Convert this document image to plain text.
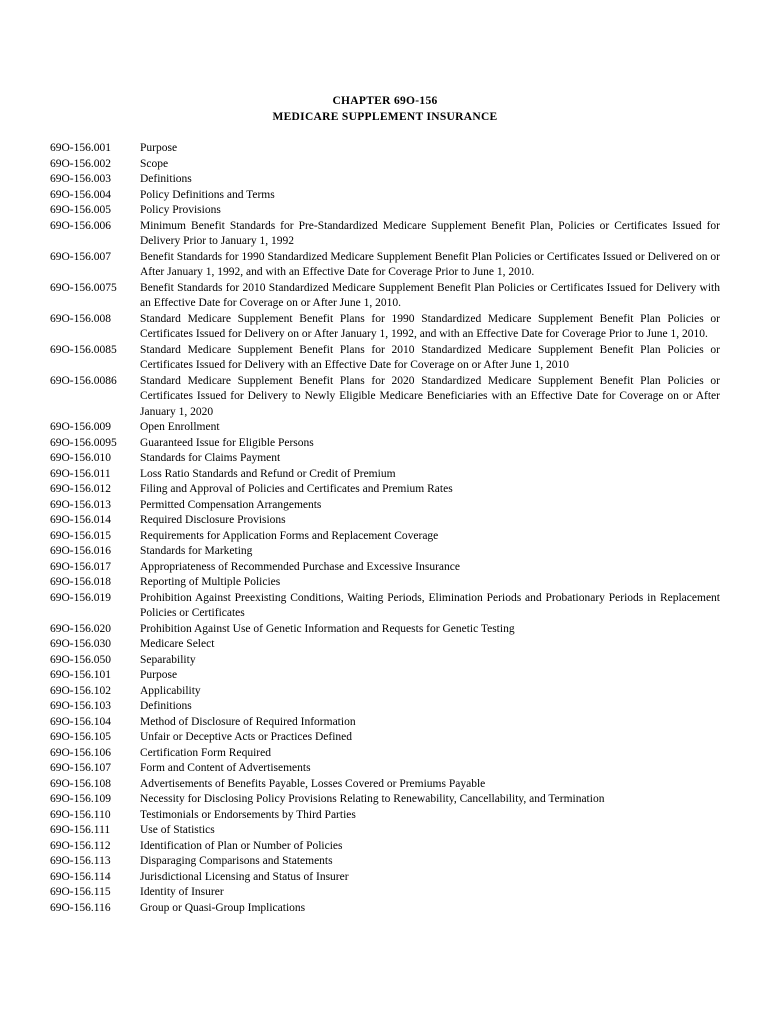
CHAPTER 69O-156
MEDICARE SUPPLEMENT INSURANCE
69O-156.001	Purpose
69O-156.002	Scope
69O-156.003	Definitions
69O-156.004	Policy Definitions and Terms
69O-156.005	Policy Provisions
69O-156.006	Minimum Benefit Standards for Pre-Standardized Medicare Supplement Benefit Plan, Policies or Certificates Issued for Delivery Prior to January 1, 1992
69O-156.007	Benefit Standards for 1990 Standardized Medicare Supplement Benefit Plan Policies or Certificates Issued or Delivered on or After January 1, 1992, and with an Effective Date for Coverage Prior to June 1, 2010.
69O-156.0075	Benefit Standards for 2010 Standardized Medicare Supplement Benefit Plan Policies or Certificates Issued for Delivery with an Effective Date for Coverage on or After June 1, 2010.
69O-156.008	Standard Medicare Supplement Benefit Plans for 1990 Standardized Medicare Supplement Benefit Plan Policies or Certificates Issued for Delivery on or After January 1, 1992, and with an Effective Date for Coverage Prior to June 1, 2010.
69O-156.0085	Standard Medicare Supplement Benefit Plans for 2010 Standardized Medicare Supplement Benefit Plan Policies or Certificates Issued for Delivery with an Effective Date for Coverage on or After June 1, 2010
69O-156.0086	Standard Medicare Supplement Benefit Plans for 2020 Standardized Medicare Supplement Benefit Plan Policies or Certificates Issued for Delivery to Newly Eligible Medicare Beneficiaries with an Effective Date for Coverage on or After January 1, 2020
69O-156.009	Open Enrollment
69O-156.0095	Guaranteed Issue for Eligible Persons
69O-156.010	Standards for Claims Payment
69O-156.011	Loss Ratio Standards and Refund or Credit of Premium
69O-156.012	Filing and Approval of Policies and Certificates and Premium Rates
69O-156.013	Permitted Compensation Arrangements
69O-156.014	Required Disclosure Provisions
69O-156.015	Requirements for Application Forms and Replacement Coverage
69O-156.016	Standards for Marketing
69O-156.017	Appropriateness of Recommended Purchase and Excessive Insurance
69O-156.018	Reporting of Multiple Policies
69O-156.019	Prohibition Against Preexisting Conditions, Waiting Periods, Elimination Periods and Probationary Periods in Replacement Policies or Certificates
69O-156.020	Prohibition Against Use of Genetic Information and Requests for Genetic Testing
69O-156.030	Medicare Select
69O-156.050	Separability
69O-156.101	Purpose
69O-156.102	Applicability
69O-156.103	Definitions
69O-156.104	Method of Disclosure of Required Information
69O-156.105	Unfair or Deceptive Acts or Practices Defined
69O-156.106	Certification Form Required
69O-156.107	Form and Content of Advertisements
69O-156.108	Advertisements of Benefits Payable, Losses Covered or Premiums Payable
69O-156.109	Necessity for Disclosing Policy Provisions Relating to Renewability, Cancellability, and Termination
69O-156.110	Testimonials or Endorsements by Third Parties
69O-156.111	Use of Statistics
69O-156.112	Identification of Plan or Number of Policies
69O-156.113	Disparaging Comparisons and Statements
69O-156.114	Jurisdictional Licensing and Status of Insurer
69O-156.115	Identity of Insurer
69O-156.116	Group or Quasi-Group Implications
